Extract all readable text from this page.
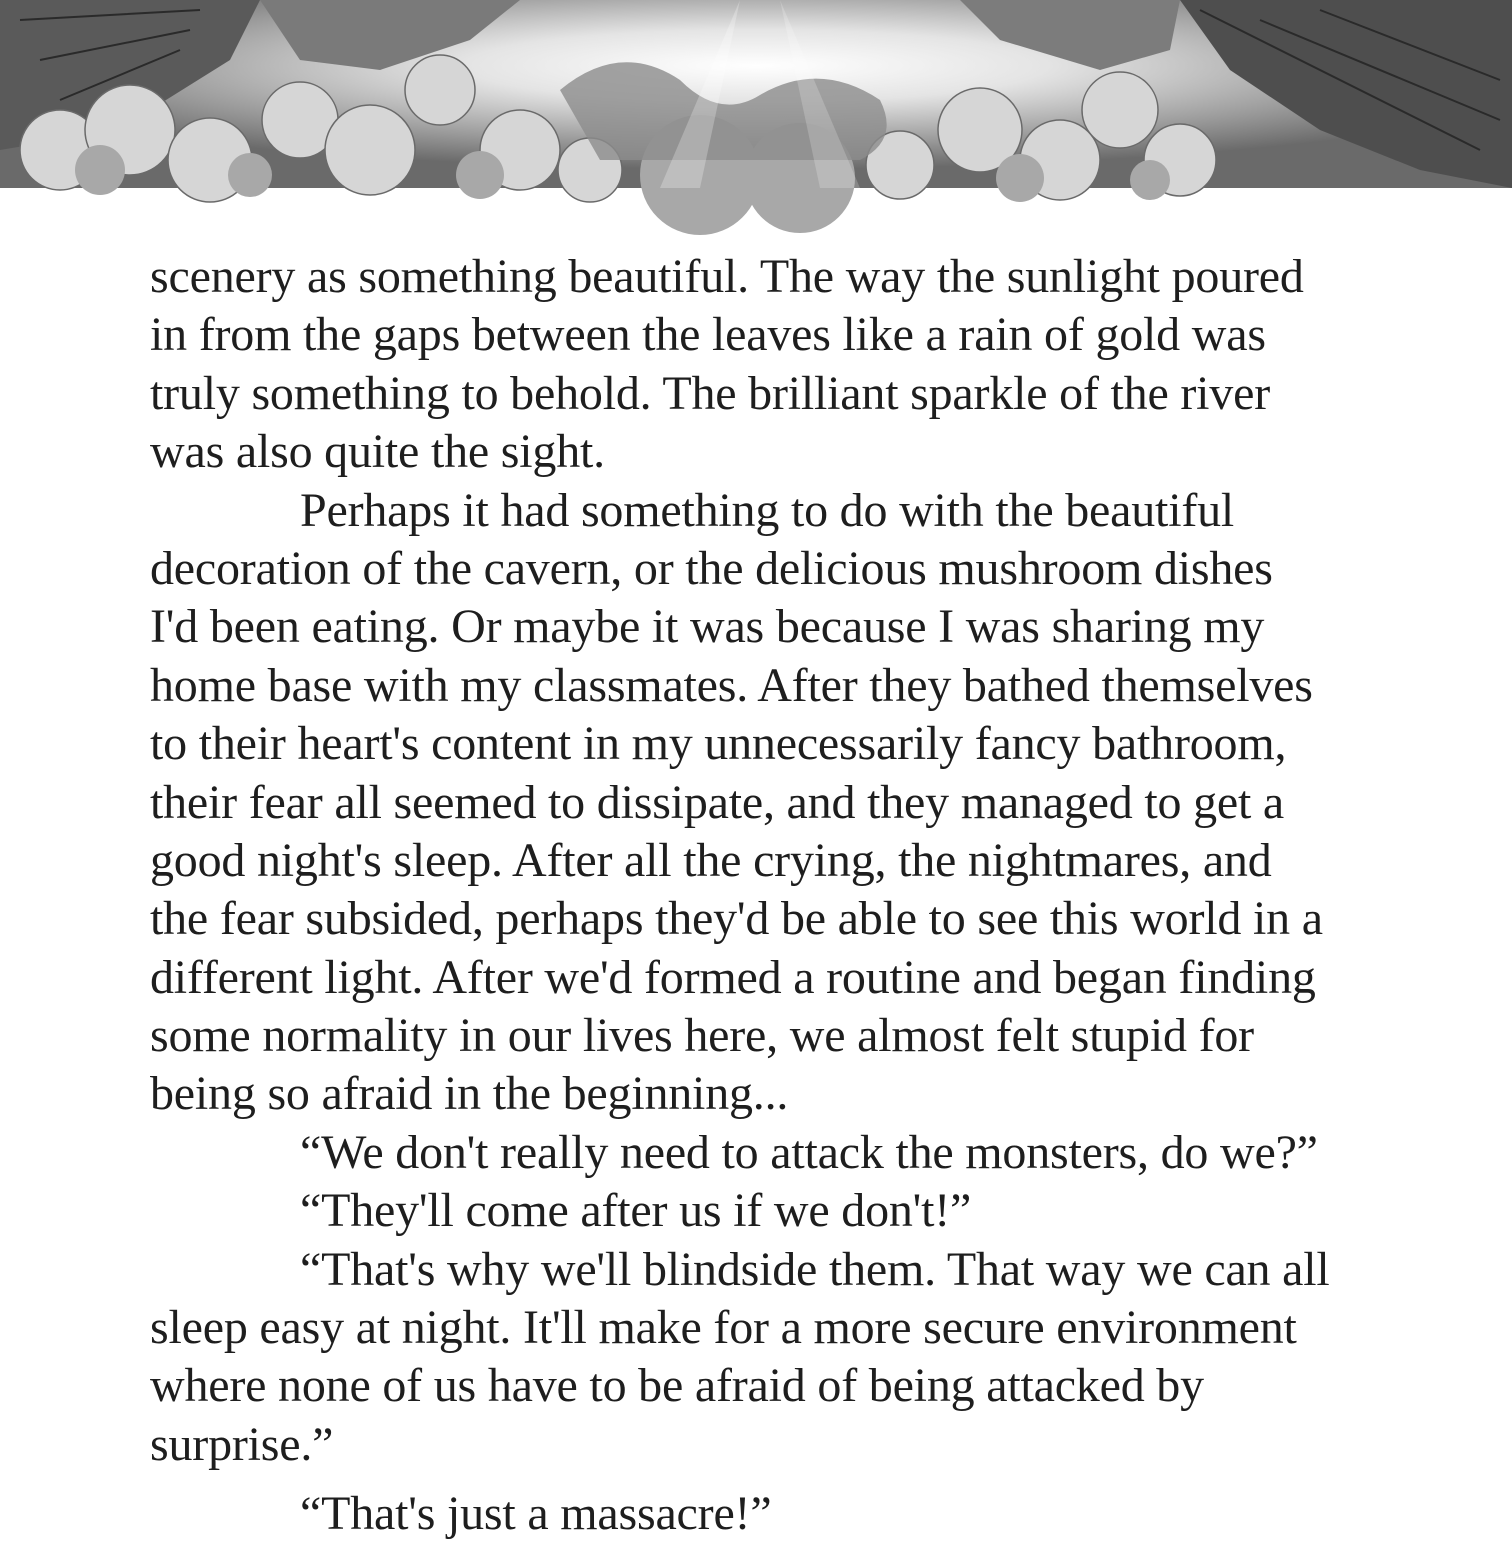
scenery as something beautiful. The way the sunlight poured
in from the gaps between the leaves like a rain of gold was
truly something to behold. The brilliant sparkle of the river
was also quite the sight.
Perhaps it had something to do with the beautiful
decoration of the cavern, or the delicious mushroom dishes
I'd been eating. Or maybe it was because I was sharing my
home base with my classmates. After they bathed themselves
to their heart's content in my unnecessarily fancy bathroom,
their fear all seemed to dissipate, and they managed to get a
good night's sleep. After all the crying, the nightmares, and
the fear subsided, perhaps they'd be able to see this world in a
different light. After we'd formed a routine and began finding
some normality in our lives here, we almost felt stupid for
being so afraid in the beginning...
“We don't really need to attack the monsters, do we?”
“They'll come after us if we don't!”
“That's why we'll blindside them. That way we can all
sleep easy at night. It'll make for a more secure environment
where none of us have to be afraid of being attacked by
surprise.”
“That's just a massacre!”
